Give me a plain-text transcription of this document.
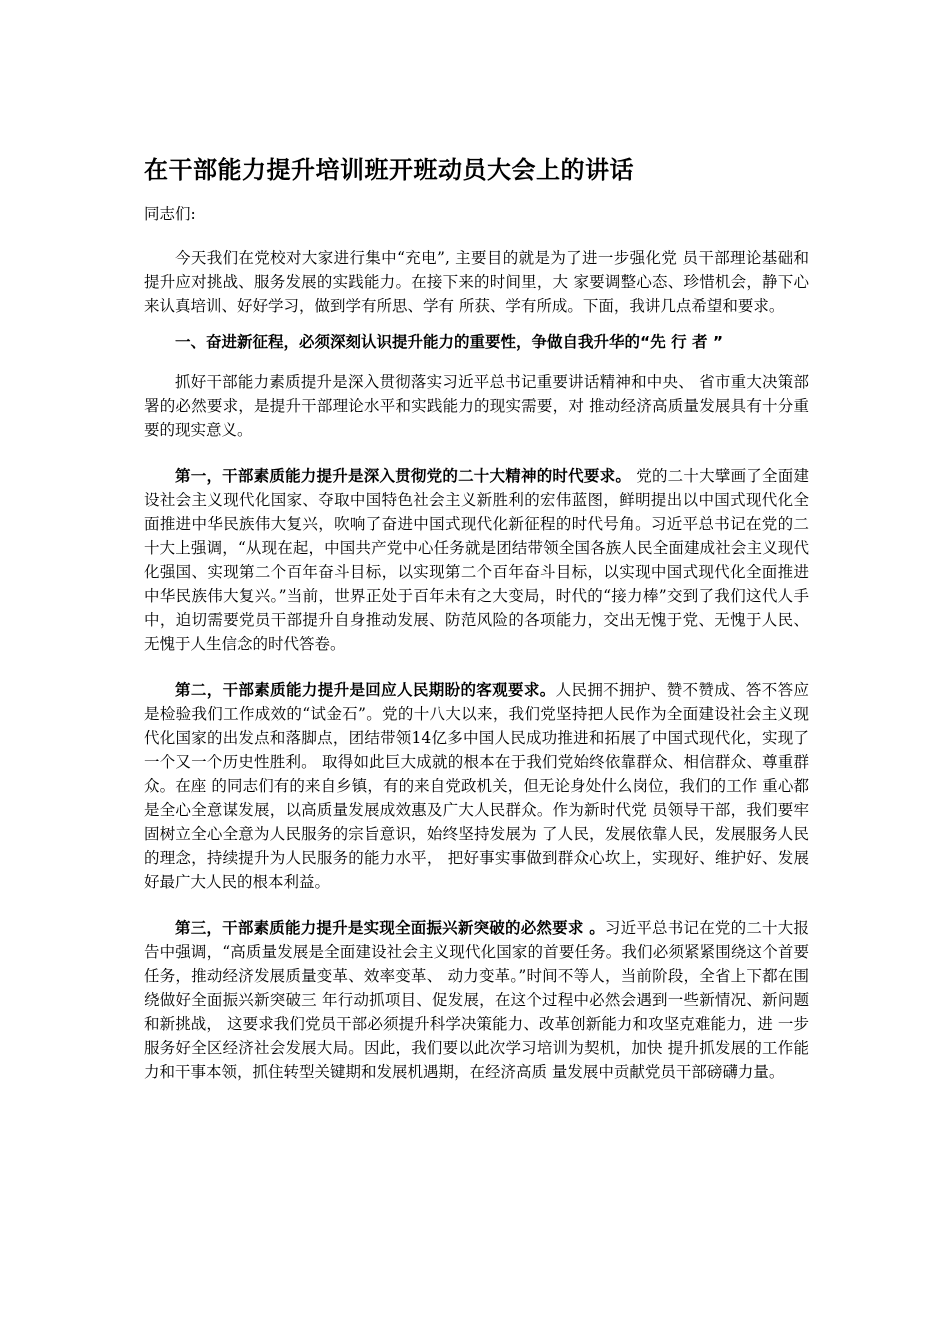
在干部能力提升培训班开班动员大会上的讲话

同志们:

今天我们在党校对大家进行集中“充电”, 主要目的就是为了进一步强化党 员干部理论基础和提升应对挑战、服务发展的实践能力。在接下来的时间里，大 家要调整心态、珍惜机会，静下心来认真培训、好好学习，做到学有所思、学有 所获、学有所成。下面，我讲几点希望和要求。

一、奋进新征程，必须深刻认识提升能力的重要性，争做自我升华的“先 行 者 ”

抓好干部能力素质提升是深入贯彻落实习近平总书记重要讲话精神和中央、 省市重大决策部署的必然要求，是提升干部理论水平和实践能力的现实需要，对 推动经济高质量发展具有十分重要的现实意义。

第一，干部素质能力提升是深入贯彻党的二十大精神的时代要求。 党的二十大擘画了全面建设社会主义现代化国家、夺取中国特色社会主义新胜利的宏伟蓝图，鲜明提出以中国式现代化全面推进中华民族伟大复兴，吹响了奋进中国式现代化新征程的时代号角。习近平总书记在党的二十大上强调，“从现在起，中国共产党中心任务就是团结带领全国各族人民全面建成社会主义现代化强国、实现第二个百年奋斗目标，以实现第二个百年奋斗目标，以实现中国式现代化全面推进中华民族伟大复兴。”当前，世界正处于百年未有之大变局，时代的“接力棒”交到了我们这代人手中，迫切需要党员干部提升自身推动发展、防范风险的各项能力，交出无愧于党、无愧于人民、无愧于人生信念的时代答卷。

第二，干部素质能力提升是回应人民期盼的客观要求。人民拥不拥护、赞不赞成、答不答应是检验我们工作成效的“试金石”。党的十八大以来，我们党坚持把人民作为全面建设社会主义现代化国家的出发点和落脚点，团结带领14亿多中国人民成功推进和拓展了中国式现代化，实现了一个又一个历史性胜利。 取得如此巨大成就的根本在于我们党始终依靠群众、相信群众、尊重群众。在座 的同志们有的来自乡镇，有的来自党政机关，但无论身处什么岗位，我们的工作 重心都是全心全意谋发展，以高质量发展成效惠及广大人民群众。作为新时代党 员领导干部，我们要牢固树立全心全意为人民服务的宗旨意识，始终坚持发展为 了人民，发展依靠人民，发展服务人民的理念，持续提升为人民服务的能力水平， 把好事实事做到群众心坎上，实现好、维护好、发展好最广大人民的根本利益。

第三，干部素质能力提升是实现全面振兴新突破的必然要求 。习近平总书记在党的二十大报告中强调，“高质量发展是全面建设社会主义现代化国家的首要任务。我们必须紧紧围绕这个首要任务，推动经济发展质量变革、效率变革、 动力变革。”时间不等人，当前阶段，全省上下都在围绕做好全面振兴新突破三 年行动抓项目、促发展，在这个过程中必然会遇到一些新情况、新问题和新挑战， 这要求我们党员干部必须提升科学决策能力、改革创新能力和攻坚克难能力，进 一步服务好全区经济社会发展大局。因此，我们要以此次学习培训为契机，加快 提升抓发展的工作能力和干事本领，抓住转型关键期和发展机遇期，在经济高质 量发展中贡献党员干部磅礴力量。
